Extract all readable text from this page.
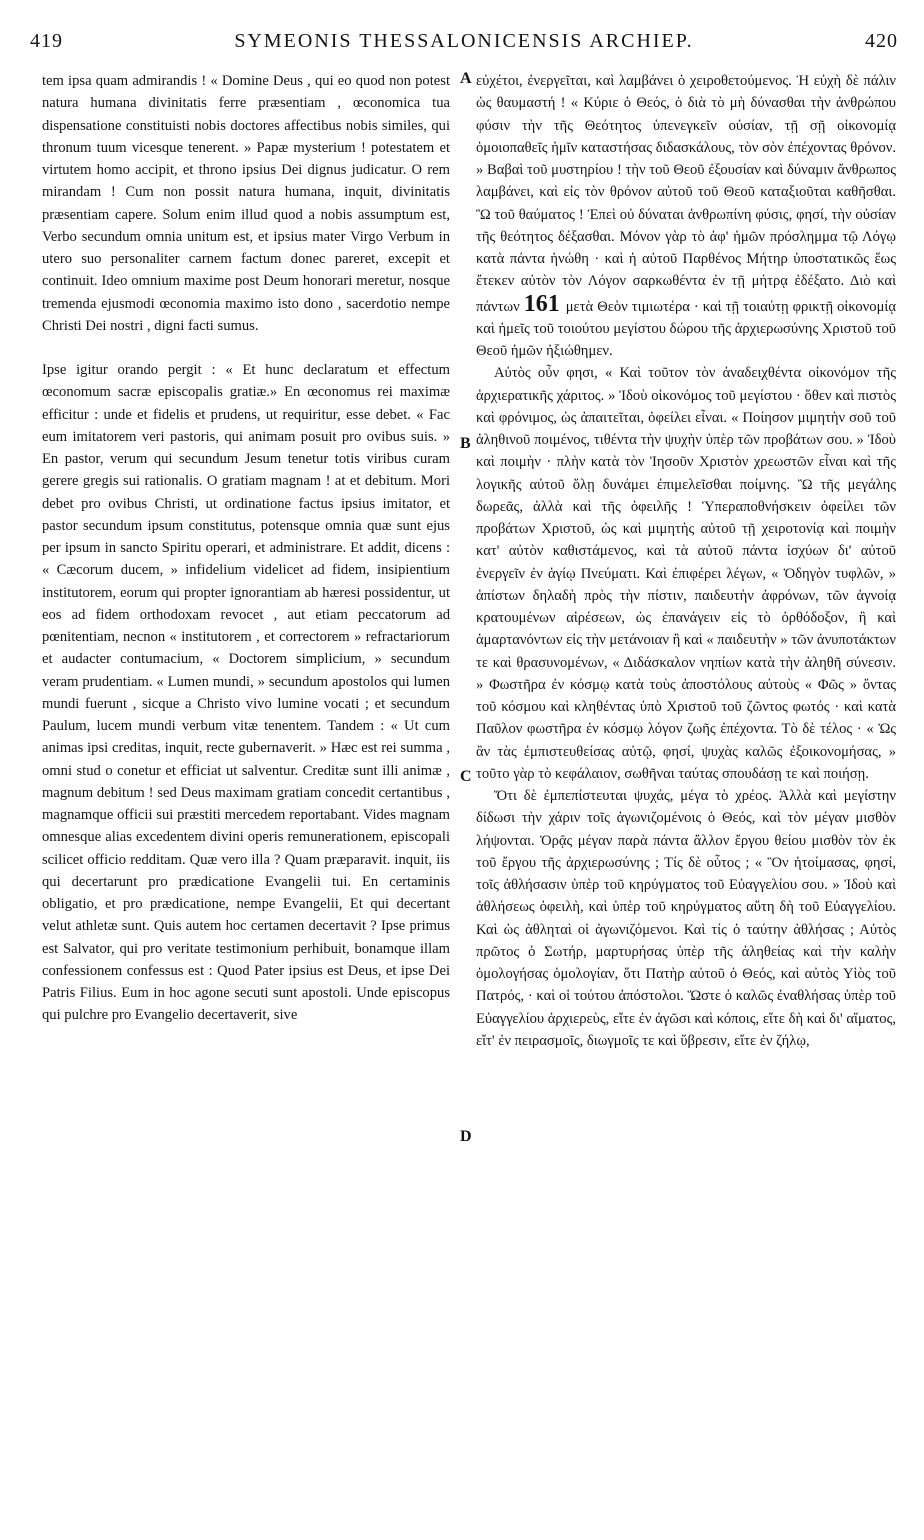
419	SYMEONIS THESSALONICENSIS ARCHIEP.	420

tem ipsa quam admirandis ! « Domine Deus , qui eo quod non potest natura humana divinitatis ferre præsentiam , œconomica tua dispensatione constituisti nobis doctores affectibus nobis similes, qui thronum tuum vicesque tenerent. » Papæ mysterium ! potestatem et virtutem homo accipit, et throno ipsius Dei dignus judicatur. O rem mirandam ! Cum non possit natura humana, inquit, divinitatis præsentiam capere. Solum enim illud quod a nobis assumptum est, Verbo secundum omnia unitum est, et ipsius mater Virgo Verbum in utero suo personaliter carnem factum donec pareret, excepit et continuit. Ideo omnium maxime post Deum honorari meretur, nosque tremenda ejusmodi œconomia maximo isto dono , sacerdotio nempe Christi Dei nostri , digni facti sumus.

Ipse igitur orando pergit : « Et hunc declaratum et effectum œconomum sacræ episcopalis gratiæ.» En œconomus rei maximæ efficitur : unde et fidelis et prudens, ut requiritur, esse debet. « Fac eum imitatorem veri pastoris, qui animam posuit pro ovibus suis. » En pastor, verum qui secundum Jesum tenetur totis viribus curam gerere gregis sui rationalis. O gratiam magnam ! at et debitum. Mori debet pro ovibus Christi, ut ordinatione factus ipsius imitator, et pastor secundum ipsum constitutus, potensque omnia quæ sunt ejus per ipsum in sancto Spiritu operari, et administrare. Et addit, dicens : « Cæcorum ducem, » infidelium videlicet ad fidem, insipientium institutorem, eorum qui propter ignorantiam ab hæresi possidentur, ut eos ad fidem orthodoxam revocet , aut etiam peccatorum ad pœnitentiam, necnon « institutorem , et correctorem » refractariorum et audacter contumacium, « Doctorem simplicium, » secundum veram prudentiam. « Lumen mundi, » secundum apostolos qui lumen mundi fuerunt , sicque a Christo vivo lumine vocati ; et secundum Paulum, lucem mundi verbum vitæ tenentem. Tandem : « Ut cum animas ipsi creditas, inquit, recte gubernaverit. » Hæc est rei summa , omni stud o conetur et efficiat ut salventur. Creditæ sunt illi animæ , magnum debitum ! sed Deus maximam gratiam concedit certantibus , magnamque officii sui præstiti mercedem reportabant. Vides magnam omnesque alias excedentem divini operis remunerationem, episcopali scilicet officio redditam. Quæ vero illa ? Quam præparavit. inquit, iis qui decertarunt pro prædicatione Evangelii tui. En certaminis obligatio, et pro prædicatione, nempe Evangelii, Et qui decertant velut athletæ sunt. Quis autem hoc certamen decertavit ? Ipse primus est Salvator, qui pro veritate testimonium perhibuit, bonamque illam confessionem confessus est : Quod Pater ipsius est Deus, et ipse Dei Patris Filius. Eum in hoc agone secuti sunt apostoli. Unde episcopus qui pulchre pro Evangelio decertaverit, sive

A
B
C
D

εὐχέτοι, ἐνεργεῖται, καὶ λαμβάνει ὁ χειροθετούμενος. Ἡ εὐχὴ δὲ πάλιν ὡς θαυμαστή ! « Κύριε ὁ Θεός, ὁ διὰ τὸ μὴ δύνασθαι τὴν ἀνθρώπου φύσιν τὴν τῆς Θεότητος ὑπενεγκεῖν οὐσίαν, τῇ σῇ οἰκονομίᾳ ὁμοιοπαθεῖς ἡμῖν καταστήσας διδασκάλους, τὸν σὸν ἐπέχοντας θρόνον. » Βαβαὶ τοῦ μυστηρίου ! τὴν τοῦ Θεοῦ ἐξουσίαν καὶ δύναμιν ἄνθρωπος λαμβάνει, καὶ εἰς τὸν θρόνον αὐτοῦ τοῦ Θεοῦ καταξιοῦται καθῆσθαι. Ὢ τοῦ θαύματος ! Ἐπεὶ οὐ δύναται ἀνθρωπίνη φύσις, φησί, τὴν οὐσίαν τῆς θεότητος δέξασθαι. Μόνον γὰρ τὸ ἀφ' ἡμῶν πρόσλημμα τῷ Λόγῳ κατὰ πάντα ἡνώθη · καὶ ἡ αὐτοῦ Παρθένος Μήτηρ ὑποστατικῶς ἕως ἔτεκεν αὐτὸν τὸν Λόγον σαρκωθέντα ἐν τῇ μήτρᾳ ἐδέξατο. Διὸ καὶ πάντων 161 μετὰ Θεὸν τιμιωτέρα · καὶ τῇ τοιαύτῃ φρικτῇ οἰκονομίᾳ καὶ ἡμεῖς τοῦ τοιούτου μεγίστου δώρου τῆς ἀρχιερωσύνης Χριστοῦ τοῦ Θεοῦ ἡμῶν ἠξιώθημεν.

Αὐτὸς οὖν φησι, « Καὶ τοῦτον τὸν ἀναδειχθέντα οἰκονόμον τῆς ἀρχιερατικῆς χάριτος. » Ἰδοὺ οἰκονόμος τοῦ μεγίστου · ὅθεν καὶ πιστὸς καὶ φρόνιμος, ὡς ἀπαιτεῖται, ὀφείλει εἶναι. « Ποίησον μιμητὴν σοῦ τοῦ ἀληθινοῦ ποιμένος, τιθέντα τὴν ψυχὴν ὑπὲρ τῶν προβάτων σου. » Ἰδοὺ καὶ ποιμὴν · πλὴν κατὰ τὸν Ἰησοῦν Χριστὸν χρεωστῶν εἶναι καὶ τῆς λογικῆς αὐτοῦ ὅλῃ δυνάμει ἐπιμελεῖσθαι ποίμνης. Ὢ τῆς μεγάλης δωρεᾶς, ἀλλὰ καὶ τῆς ὀφειλῆς ! Ὑπεραποθνήσκειν ὀφείλει τῶν προβάτων Χριστοῦ, ὡς καὶ μιμητὴς αὐτοῦ τῇ χειροτονίᾳ καὶ ποιμὴν κατ' αὐτὸν καθιστάμενος, καὶ τὰ αὐτοῦ πάντα ἰσχύων δι' αὐτοῦ ἐνεργεῖν ἐν ἁγίῳ Πνεύματι. Καὶ ἐπιφέρει λέγων, « Ὁδηγὸν τυφλῶν, » ἀπίστων δηλαδὴ πρὸς τὴν πίστιν, παιδευτὴν ἀφρόνων, τῶν ἀγνοίᾳ κρατουμένων αἱρέσεων, ὡς ἐπανάγειν εἰς τὸ ὀρθόδοξον, ἢ καὶ ἁμαρτανόντων εἰς τὴν μετάνοιαν ἢ καὶ « παιδευτὴν » τῶν ἀνυποτάκτων τε καὶ θρασυνομένων, « Διδάσκαλον νηπίων κατὰ τὴν ἀληθῆ σύνεσιν. » Φωστῆρα ἐν κόσμῳ κατὰ τοὺς ἀποστόλους αὐτοὺς « Φῶς » ὄντας τοῦ κόσμου καὶ κληθέντας ὑπὸ Χριστοῦ τοῦ ζῶντος φωτός · καὶ κατὰ Παῦλον φωστῆρα ἐν κόσμῳ λόγον ζωῆς ἐπέχοντα. Τὸ δὲ τέλος · « Ὡς ἂν τὰς ἐμπιστευθείσας αὐτῷ, φησί, ψυχὰς καλῶς ἐξοικονομήσας, » τοῦτο γὰρ τὸ κεφάλαιον, σωθῆναι ταύτας σπουδάσῃ τε καὶ ποιήσῃ.

Ὅτι δὲ ἐμπεπίστευται ψυχάς, μέγα τὸ χρέος. Ἀλλὰ καὶ μεγίστην δίδωσι τὴν χάριν τοῖς ἀγωνιζομένοις ὁ Θεός, καὶ τὸν μέγαν μισθὸν λήψονται. Ὁρᾷς μέγαν παρὰ πάντα ἄλλον ἔργου θείου μισθὸν τὸν ἐκ τοῦ ἔργου τῆς ἀρχιερωσύνης ; Τίς δὲ οὗτος ; « Ὃν ἡτοίμασας, φησί, τοῖς ἀθλήσασιν ὑπὲρ τοῦ κηρύγματος τοῦ Εὐαγγελίου σου. » Ἰδοὺ καὶ ἀθλήσεως ὀφειλὴ, καὶ ὑπὲρ τοῦ κηρύγματος αὕτη δὴ τοῦ Εὐαγγελίου. Καὶ ὡς ἀθληταὶ οἱ ἀγωνιζόμενοι. Καὶ τίς ὁ ταύτην ἀθλήσας ; Αὐτὸς πρῶτος ὁ Σωτήρ, μαρτυρήσας ὑπὲρ τῆς ἀληθείας καὶ τὴν καλὴν ὁμολογήσας ὁμολογίαν, ὅτι Πατὴρ αὐτοῦ ὁ Θεός, καὶ αὐτὸς Υἱὸς τοῦ Πατρός, · καὶ οἱ τούτου ἀπόστολοι. Ὥστε ὁ καλῶς ἐναθλήσας ὑπὲρ τοῦ Εὐαγγελίου ἀρχιερεὺς, εἴτε ἐν ἀγῶσι καὶ κόποις, εἴτε δὴ καὶ δι' αἵματος, εἴτ' ἐν πειρασμοῖς, διωγμοῖς τε καὶ ὕβρεσιν, εἴτε ἐν ζήλῳ,
